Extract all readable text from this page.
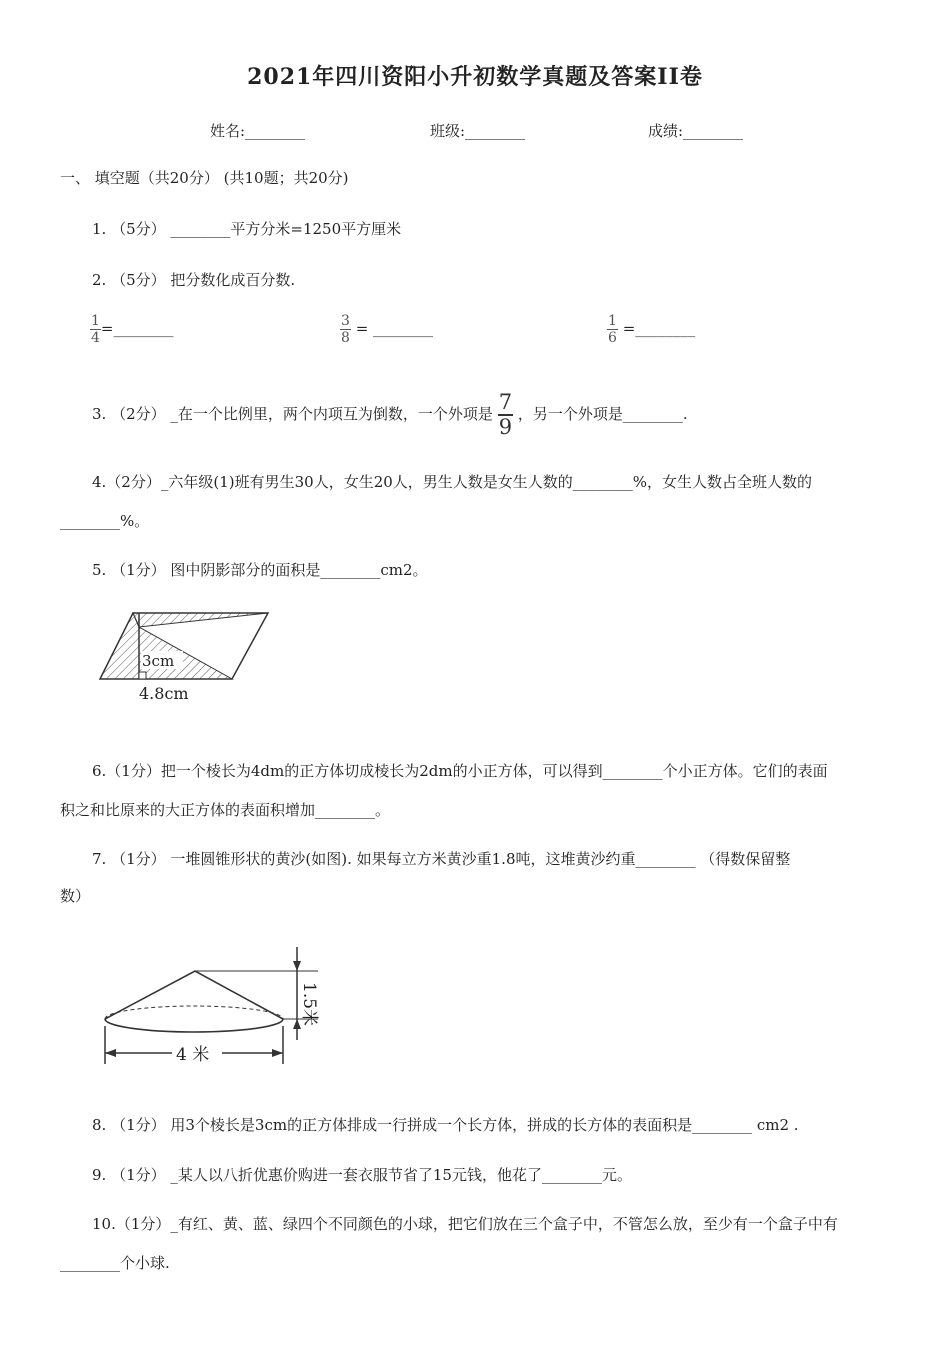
2021年四川资阳小升初数学真题及答案II卷
姓名:________	班级:________	成绩:________
一、 填空题（共20分） (共10题；共20分)
1. （5分） ________平方分米=1250平方厘米
2. （5分） 把分数化成百分数.
$\frac{1}{4}$ =________	$\frac{3}{8}$ = ________	$\frac{1}{6}$ =________
3. （2分） _在一个比例里，两个内项互为倒数，一个外项是 $\frac{7}{9}$ ，另一个外项是________.
4.（2分）_六年级(1)班有男生30人，女生20人，男生人数是女生人数的________%，女生人数占全班人数的
________%。
5. （1分） 图中阴影部分的面积是________cm2。
3cm
4.8cm
6.（1分）把一个棱长为4dm的正方体切成棱长为2dm的小正方体，可以得到________个小正方体。它们的表面
积之和比原来的大正方体的表面积增加________。
7. （1分） 一堆圆锥形状的黄沙(如图). 如果每立方米黄沙重1.8吨，这堆黄沙约重________ （得数保留整
数）
1.5米
4 米
8. （1分） 用3个棱长是3cm的正方体排成一行拼成一个长方体，拼成的长方体的表面积是________ cm2 .
9. （1分） _某人以八折优惠价购进一套衣服节省了15元钱，他花了________元。
10.（1分）_有红、黄、蓝、绿四个不同颜色的小球，把它们放在三个盒子中，不管怎么放，至少有一个盒子中有
________个小球.
